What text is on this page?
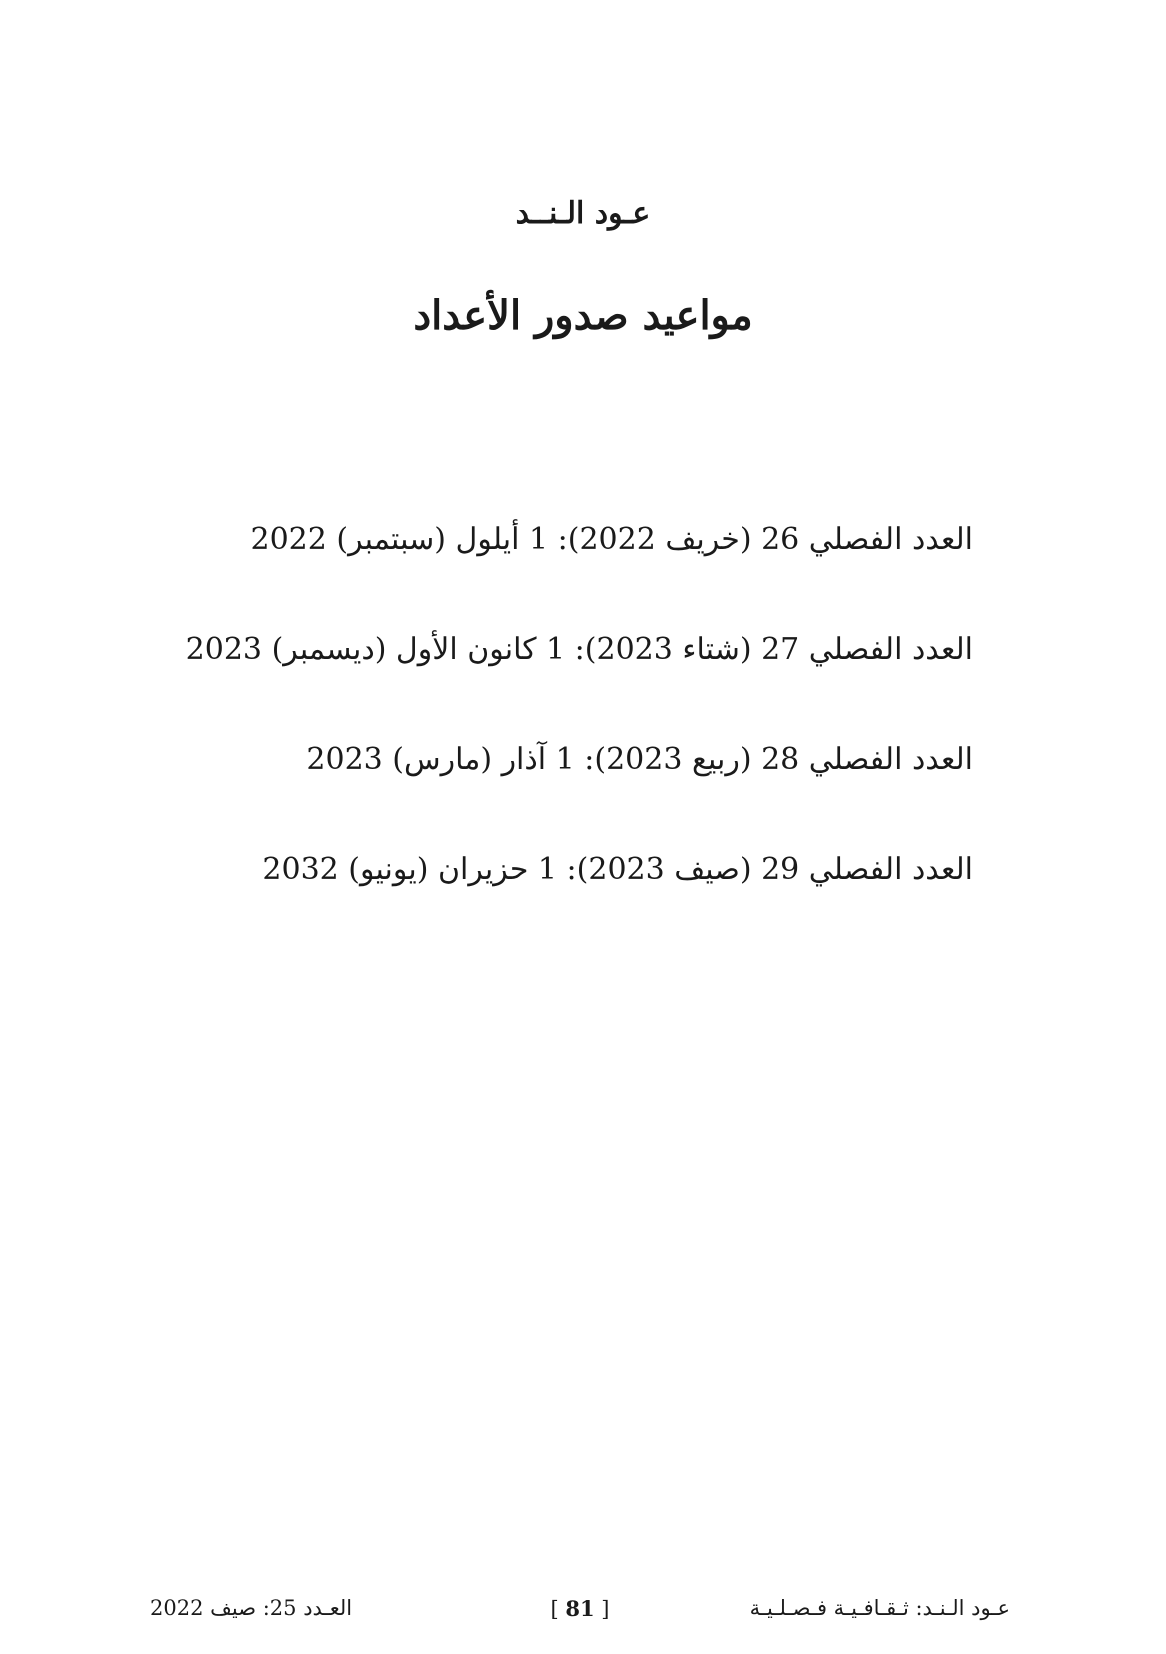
عـود الـنــد
مواعيد صدور الأعداد
العدد الفصلي 26 (خريف 2022): 1 أيلول (سبتمبر) 2022
العدد الفصلي 27 (شتاء 2023): 1 كانون الأول (ديسمبر) 2023
العدد الفصلي 28 (ربيع 2023): 1 آذار (مارس) 2023
العدد الفصلي 29 (صيف 2023): 1 حزيران (يونيو) 2032
العـدد 25: صيف 2022	[ 81 ]	عـود الـنـد: ثـقـافـيـة فـصـلـيـة
